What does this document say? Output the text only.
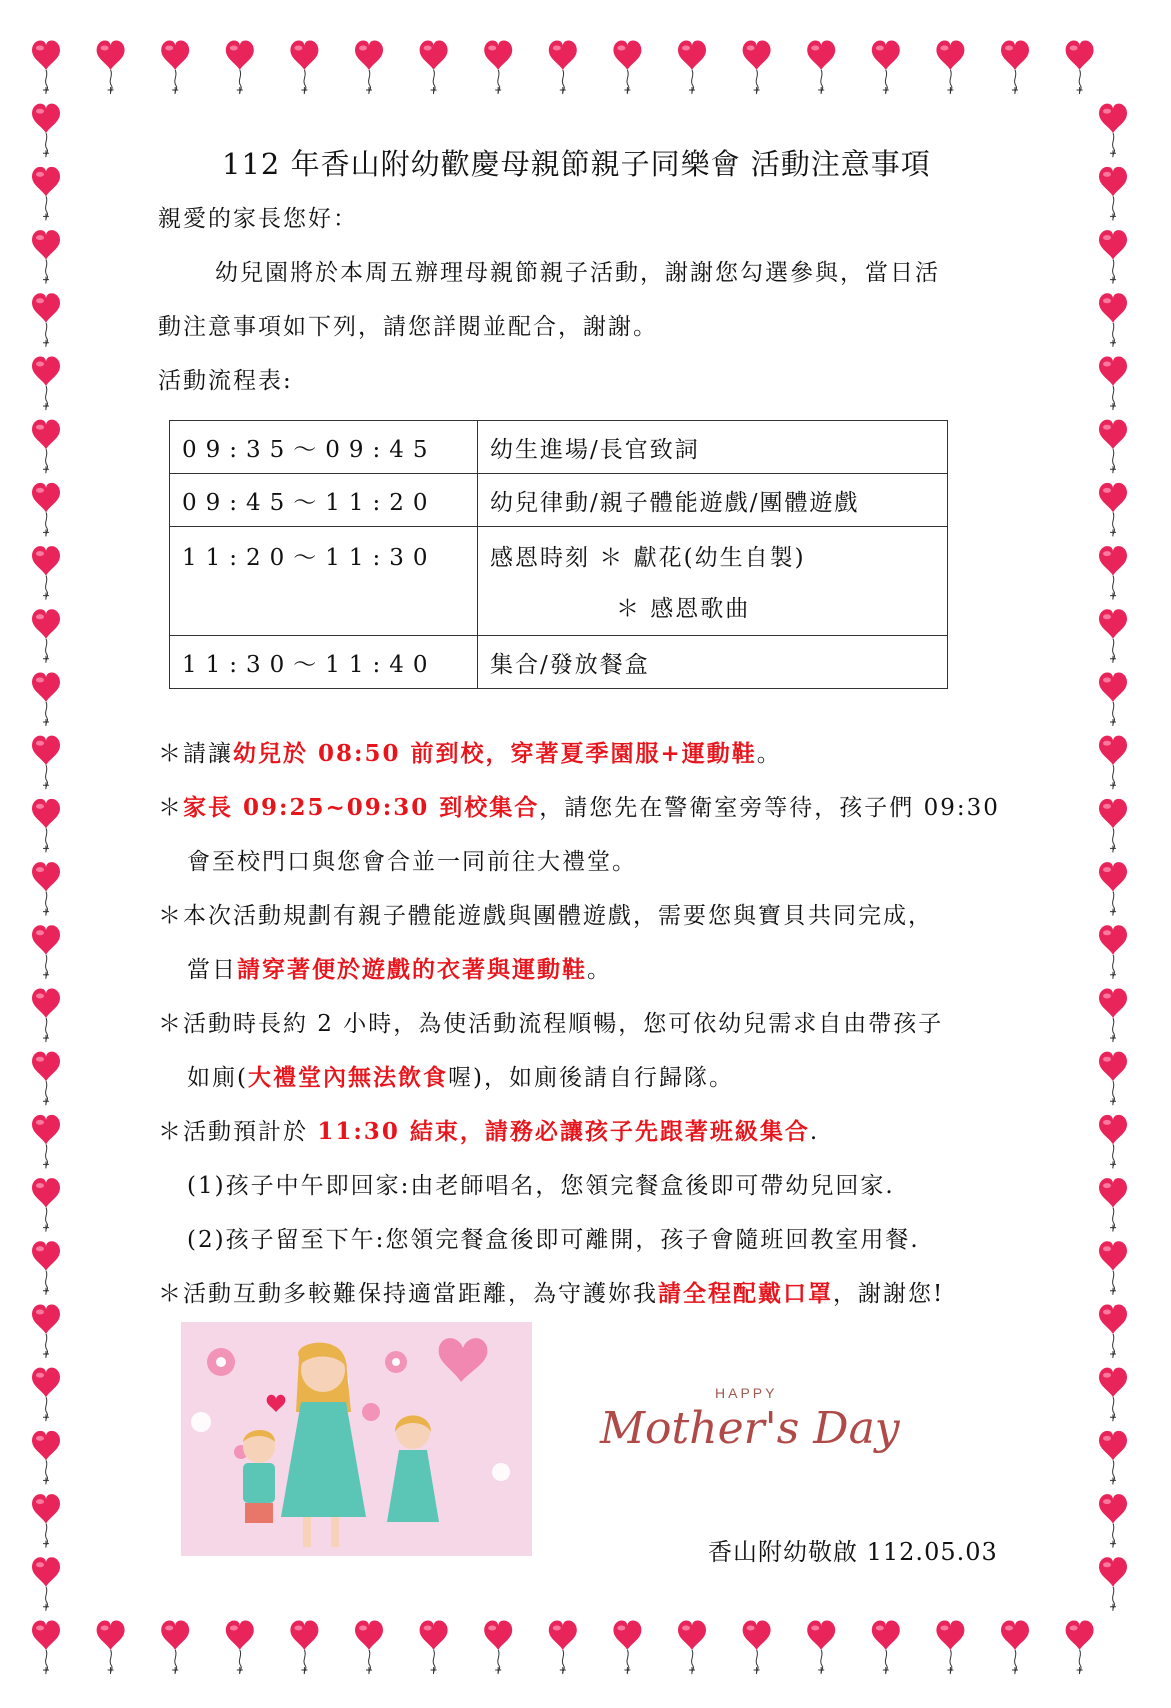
112 年香山附幼歡慶母親節親子同樂會 活動注意事項
親愛的家長您好：
幼兒園將於本周五辦理母親節親子活動，謝謝您勾選參與，當日活
動注意事項如下列，請您詳閱並配合，謝謝。
活動流程表:
09:35～09:45	幼生進場/長官致詞
09:45～11:20	幼兒律動/親子體能遊戲/團體遊戲
11:20～11:30	感恩時刻 ＊ 獻花(幼生自製)
＊ 感恩歌曲

11:30～11:40	集合/發放餐盒
＊請讓幼兒於 08:50 前到校，穿著夏季園服+運動鞋。
＊家長 09:25~09:30 到校集合，請您先在警衛室旁等待，孩子們 09:30
會至校門口與您會合並一同前往大禮堂。
＊本次活動規劃有親子體能遊戲與團體遊戲，需要您與寶貝共同完成，
當日請穿著便於遊戲的衣著與運動鞋。
＊活動時長約 2 小時，為使活動流程順暢，您可依幼兒需求自由帶孩子
如廁(大禮堂內無法飲食喔)，如廁後請自行歸隊。
＊活動預計於 11:30 結束，請務必讓孩子先跟著班級集合.
(1)孩子中午即回家:由老師唱名，您領完餐盒後即可帶幼兒回家.
(2)孩子留至下午:您領完餐盒後即可離開，孩子會隨班回教室用餐.
＊活動互動多較難保持適當距離，為守護妳我請全程配戴口罩，謝謝您!
HAPPY
Mother's Day
香山附幼敬啟 112.05.03
